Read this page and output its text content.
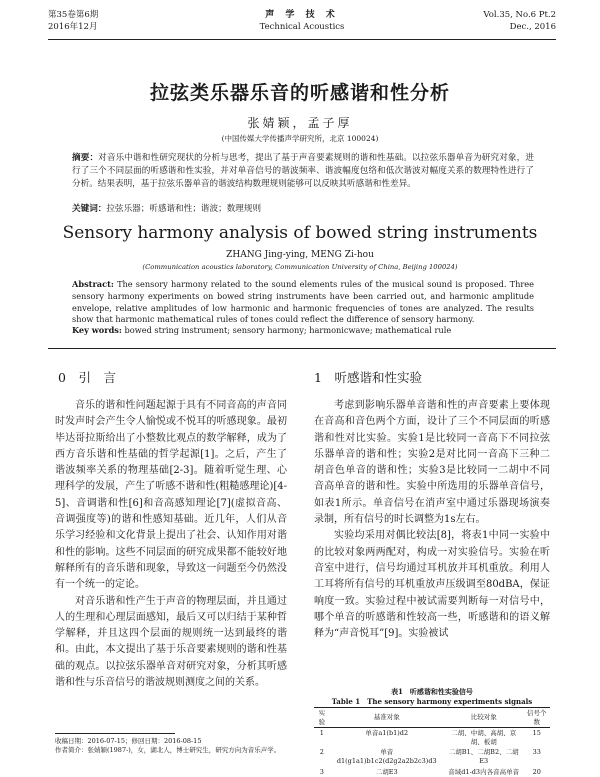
第35卷第6期
2016年12月
声 学 技 术
Technical Acoustics
Vol.35, No.6 Pt.2
Dec., 2016
拉弦类乐器乐音的听感谐和性分析
张婧颖，孟子厚
(中国传媒大学传播声学研究所，北京 100024)
摘要：对音乐中谐和性研究现状的分析与思考，提出了基于声音要素规则的谐和性基础。以拉弦乐器单音为研究对象，进行了三个不同层面的听感谐和性实验，并对单音信号的谐波频率、谐波幅度包络和低次谐波对幅度关系的数理特性进行了分析。结果表明，基于拉弦乐器单音的谐波结构数理规则能够可以反映其听感谐和性差异。
关键词：拉弦乐器；听感谐和性；谐波；数理规则
Sensory harmony analysis of bowed string instruments
ZHANG Jing-ying, MENG Zi-hou
(Communication acoustics laboratory, Communication University of China, Beijing 100024)
Abstract: The sensory harmony related to the sound elements rules of the musical sound is proposed. Three sensory harmony experiments on bowed string instruments have been carried out, and harmonic amplitude envelope, relative amplitudes of low harmonic and harmonic frequencies of tones are analyzed. The results show that harmonic mathematical rules of tones could reflect the difference of sensory harmony.
Key words: bowed string instrument; sensory harmony; harmonicwave; mathematical rule
0　引　言	1　听感谐和性实验

音乐的谐和性问题起源于具有不同音高的声音同时发声时会产生令人愉悦或不悦耳的听感现象。最初毕达哥拉斯给出了小整数比观点的数学解释，成为了西方音乐谐和性基础的哲学起源[1]。之后，产生了谐波频率关系的物理基础[2-3]。随着听觉生理、心理科学的发展，产生了听感不谐和性(粗糙感理论)[4-5]、音调谐和性[6]和音高感知理论[7](虚拟音高、音调强度等)的谐和性感知基础。近几年，人们从音乐学习经验和文化背景上提出了社会、认知作用对谐和性的影响。这些不同层面的研究成果都不能较好地解释所有的音乐谐和现象，导致这一问题至今仍然没有一个统一的定论。

对音乐谐和性产生于声音的物理层面，并且通过人的生理和心理层面感知，最后又可以归结于某种哲学解释，并且这四个层面的规则统一达到最终的谐和。由此，本文提出了基于乐音要素规则的谐和性基础的观点。以拉弦乐器单音对研究对象，分析其听感谐和性与乐音信号的谐波规则测度之间的关系。

考虑到影响乐器单音谐和性的声音要素上要体现在音高和音色两个方面，设计了三个不同层面的听感谐和性对比实验。实验1是比较同一音高下不同拉弦乐器单音的谐和性；实验2是对比同一音高下三种二胡音色单音的谐和性；实验3是比较同一二胡中不同音高单音的谐和性。实验中所选用的乐器单音信号，如表1所示。单音信号在消声室中通过乐器现场演奏录制，所有信号的时长调整为1s左右。

实验均采用对偶比较法[8]，将表1中同一实验中的比较对象两两配对，构成一对实验信号。实验在听音室中进行，信号均通过耳机放并耳机重放。利用人工耳将所有信号的耳机重放声压级调至80dBA，保证响度一致。实验过程中被试需要判断每一对信号中，哪个单音的听感谐和性较高一些，听感谐和的语义解释为“声音悦耳”[9]。实验被试

表1　听感谐和性实验信号
Table 1　The sensory harmony experiments signals
实验	基准对象	比较对象	信号个数
1	单音a1(b1)d2	二胡、中胡、高胡、京胡、板胡	15
2	单音d1(g1a1)b1c2(d2g2a2b2c3)d3	二胡B1、二胡B2、二胡E3	33
3	二胡E3	音域d1-d3内各音高单音	20
收稿日期：2016-07-15；修回日期：2016-08-15
作者简介：张婧颖(1987-)，女，湖北人，博士研究生，研究方向为音乐声学。
